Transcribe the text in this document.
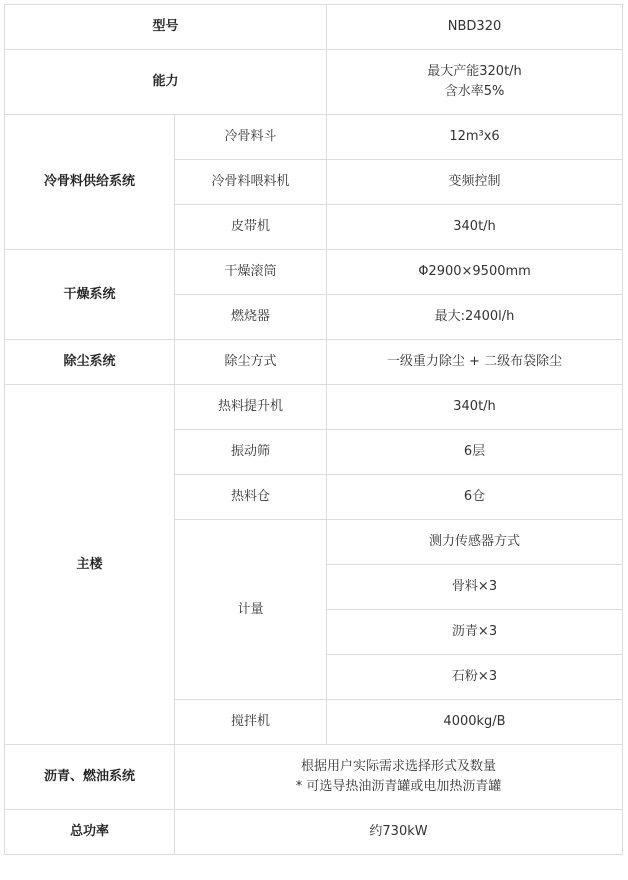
型号		NBD320
能力		最大产能320t/h
含水率5%

冷骨料供给系统	冷骨料斗	12m³x6
	冷骨料喂料机	变频控制
	皮带机	340t/h
干燥系统	干燥滚筒	Φ2900×9500mm
	燃烧器	最大:2400l/h
除尘系统	除尘方式	一级重力除尘 + 二级布袋除尘
主楼	热料提升机	340t/h
	振动筛	6层
	热料仓	6仓
	计量	测力传感器方式
		骨料×3
		沥青×3
		石粉×3
	搅拌机	4000kg/B
沥青、燃油系统	根据用户实际需求选择形式及数量
* 可选导热油沥青罐或电加热沥青罐	

总功率	约730kW	
